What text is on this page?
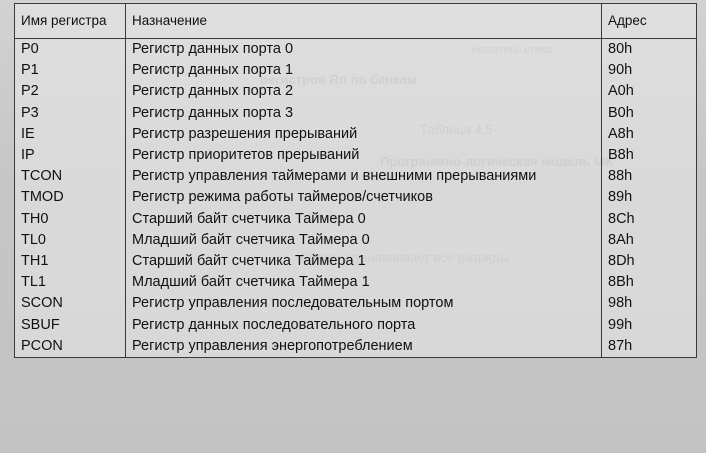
Имя регистра	Назначение	Адрес
P0	Регистр данных порта 0	80h
P1	Регистр данных порта 1	90h
P2	Регистр данных порта 2	A0h
P3	Регистр данных порта 3	B0h
IE	Регистр разрешения прерываний	A8h
IP	Регистр приоритетов прерываний	B8h
TCON	Регистр управления таймерами и внешними прерываниями	88h
TMOD	Регистр режима работы таймеров/счетчиков	89h
TH0	Старший байт счетчика Таймера 0	8Ch
TL0	Младший байт счетчика Таймера 0	8Ah
TH1	Старший байт счетчика Таймера 1	8Dh
TL1	Младший байт счетчика Таймера 1	8Bh
SCON	Регистр управления последовательным портом	98h
SBUF	Регистр данных последовательного порта	99h
PCON	Регистр управления энергопотреблением	87h
